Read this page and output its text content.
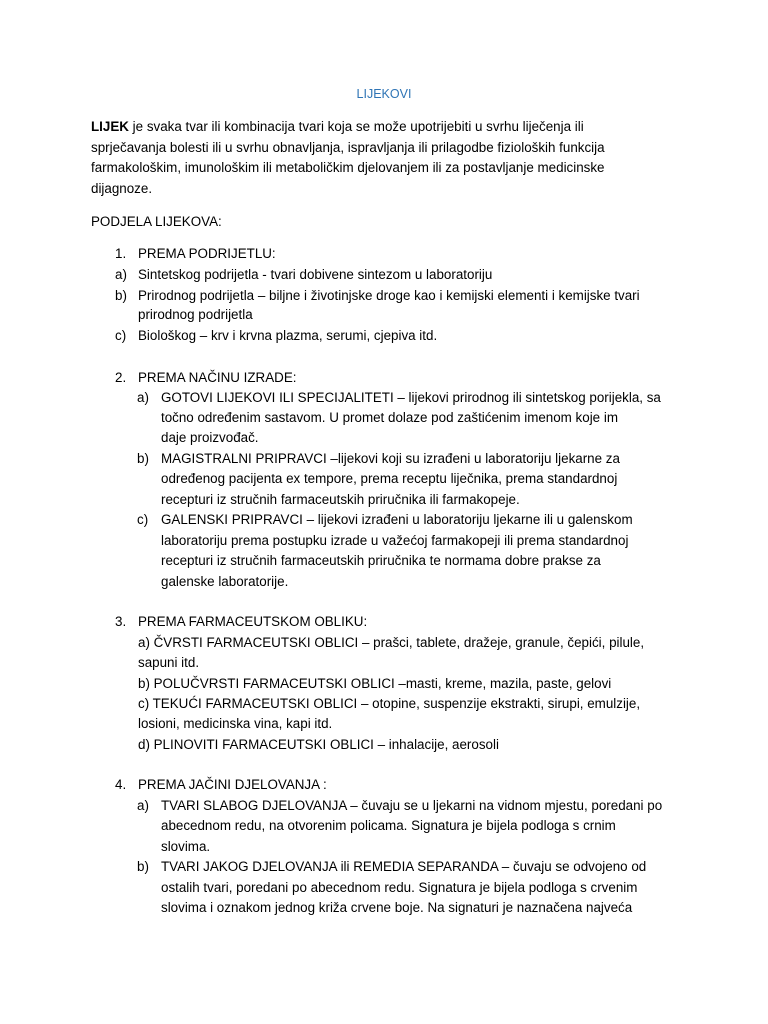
LIJEKOVI
LIJEK je svaka tvar ili kombinacija tvari koja se može upotrijebiti u svrhu liječenja ili
sprječavanja bolesti ili u svrhu obnavljanja, ispravljanja ili prilagodbe fizioloških funkcija
farmakološkim, imunološkim ili metaboličkim djelovanjem ili za postavljanje medicinske
dijagnoze.
PODJELA LIJEKOVA:
1. PREMA PODRIJETLU:
a) Sintetskog podrijetla - tvari dobivene sintezom u laboratoriju
b) Prirodnog podrijetla – biljne i životinjske droge kao i kemijski elementi i kemijske tvari
prirodnog podrijetla
c) Biološkog – krv i krvna plazma, serumi, cjepiva itd.
2. PREMA NAČINU IZRADE:
a) GOTOVI LIJEKOVI ILI SPECIJALITETI – lijekovi prirodnog ili sintetskog porijekla, sa
točno određenim sastavom. U promet dolaze pod zaštićenim imenom koje im
daje proizvođač.
b) MAGISTRALNI PRIPRAVCI –lijekovi koji su izrađeni u laboratoriju ljekarne za
određenog pacijenta ex tempore, prema receptu liječnika, prema standardnoj
recepturi iz stručnih farmaceutskih priručnika ili farmakopeje.
c) GALENSKI PRIPRAVCI – lijekovi izrađeni u laboratoriju ljekarne ili u galenskom
laboratoriju prema postupku izrade u važećoj farmakopeji ili prema standardnoj
recepturi iz stručnih farmaceutskih priručnika te normama dobre prakse za
galenske laboratorije.
3. PREMA FARMACEUTSKOM OBLIKU:
a) ČVRSTI FARMACEUTSKI OBLICI – prašci, tablete, dražeje, granule, čepići, pilule,
sapuni itd.
b) POLUČVRSTI FARMACEUTSKI OBLICI –masti, kreme, mazila, paste, gelovi
c) TEKUĆI FARMACEUTSKI OBLICI – otopine, suspenzije ekstrakti, sirupi, emulzije,
losioni, medicinska vina, kapi itd.
d) PLINOVITI FARMACEUTSKI OBLICI – inhalacije, aerosoli
4. PREMA JAČINI DJELOVANJA :
a) TVARI SLABOG DJELOVANJA – čuvaju se u ljekarni na vidnom mjestu, poredani po
abecednom redu, na otvorenim policama. Signatura je bijela podloga s crnim
slovima.
b) TVARI JAKOG DJELOVANJA ili REMEDIA SEPARANDA – čuvaju se odvojeno od
ostalih tvari, poredani po abecednom redu. Signatura je bijela podloga s crvenim
slovima i oznakom jednog križa crvene boje. Na signaturi je naznačena najveća
